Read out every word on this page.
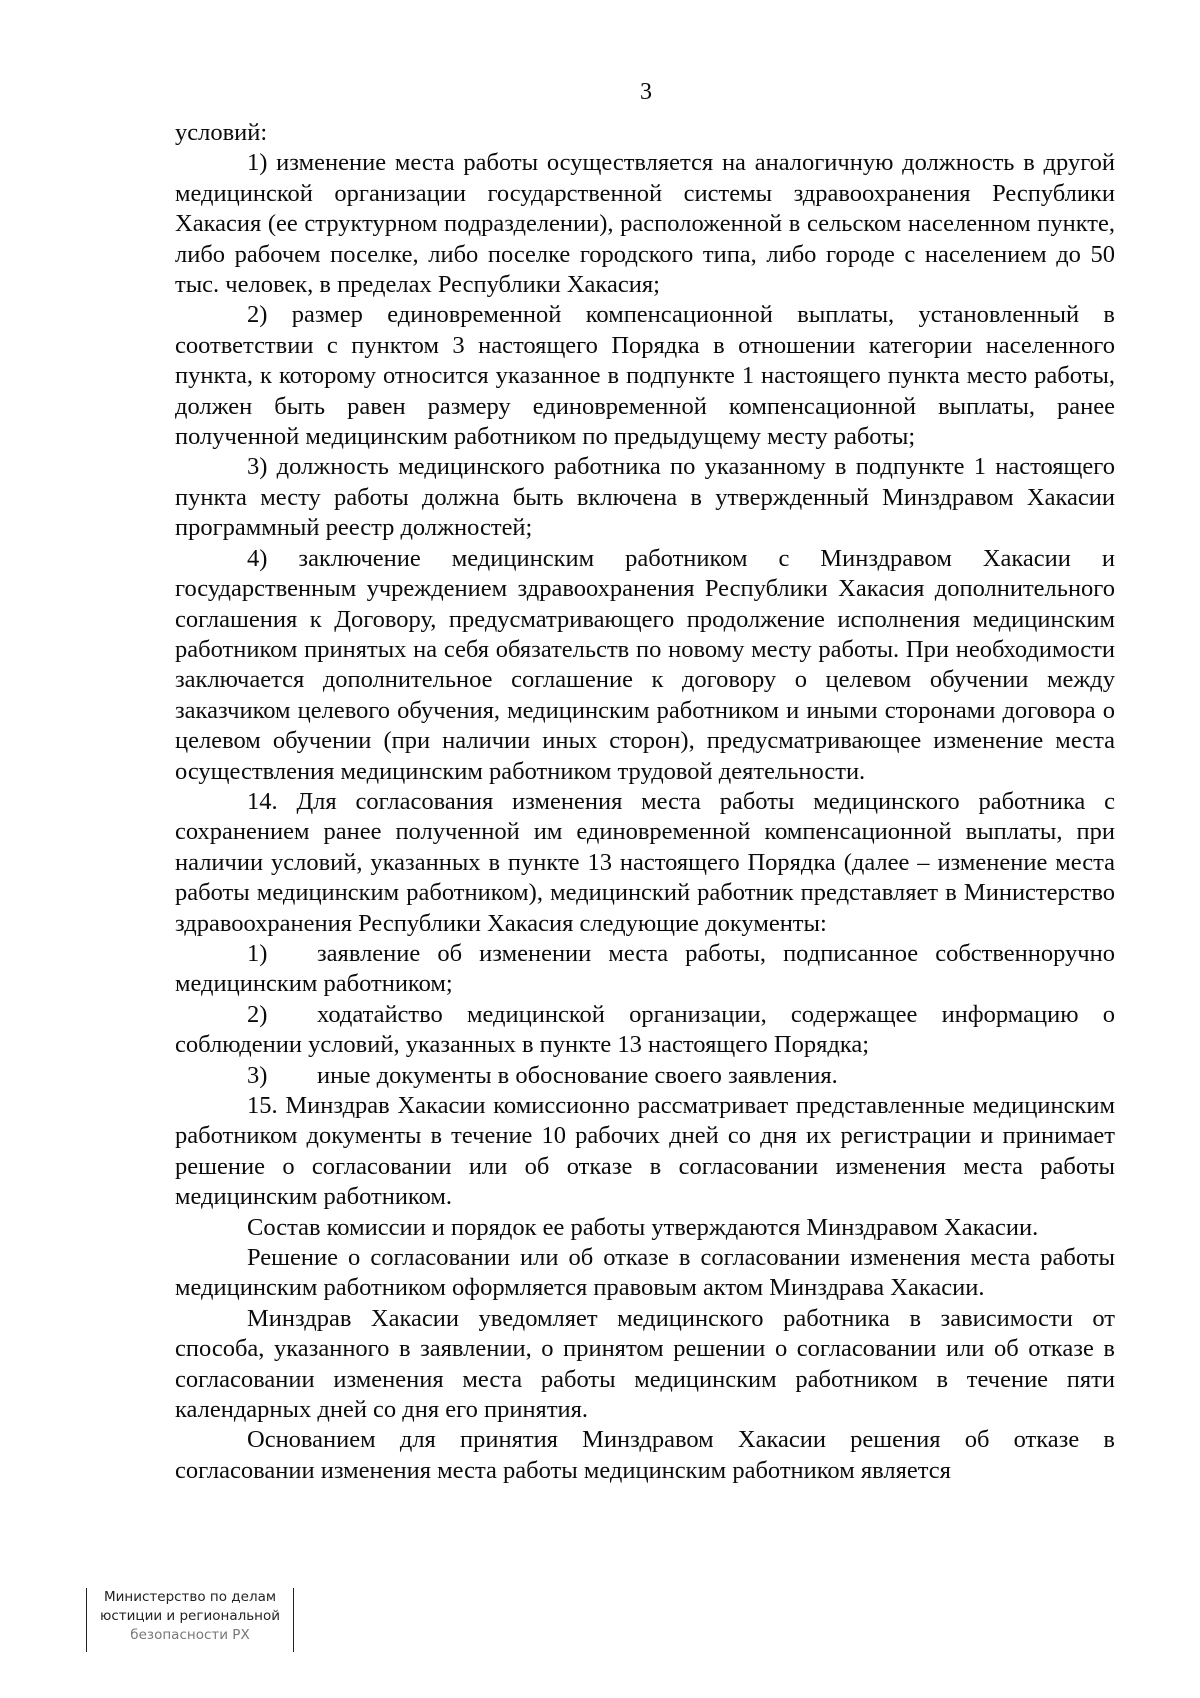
3

условий:

1) изменение места работы осуществляется на аналогичную должность в другой медицинской организации государственной системы здравоохранения Республики Хакасия (ее структурном подразделении), расположенной в сельском населенном пункте, либо рабочем поселке, либо поселке городского типа, либо городе с населением до 50 тыс. человек, в пределах Республики Хакасия;

2) размер единовременной компенсационной выплаты, установленный в соответствии с пунктом 3 настоящего Порядка в отношении категории населенного пункта, к которому относится указанное в подпункте 1 настоящего пункта место работы, должен быть равен размеру единовременной компенсационной выплаты, ранее полученной медицинским работником по предыдущему месту работы;

3) должность медицинского работника по указанному в подпункте 1 настоящего пункта месту работы должна быть включена в утвержденный Минздравом Хакасии программный реестр должностей;

4) заключение медицинским работником с Минздравом Хакасии и государственным учреждением здравоохранения Республики Хакасия дополнительного соглашения к Договору, предусматривающего продолжение исполнения медицинским работником принятых на себя обязательств по новому месту работы. При необходимости заключается дополнительное соглашение к договору о целевом обучении между заказчиком целевого обучения, медицинским работником и иными сторонами договора о целевом обучении (при наличии иных сторон), предусматривающее изменение места осуществления медицинским работником трудовой деятельности.

14. Для согласования изменения места работы медицинского работника с сохранением ранее полученной им единовременной компенсационной выплаты, при наличии условий, указанных в пункте 13 настоящего Порядка (далее – изменение места работы медицинским работником), медицинский работник представляет в Министерство здравоохранения Республики Хакасия следующие документы:

1) заявление об изменении места работы, подписанное собственноручно медицинским работником;

2) ходатайство медицинской организации, содержащее информацию о соблюдении условий, указанных в пункте 13 настоящего Порядка;

3) иные документы в обоснование своего заявления.

15. Минздрав Хакасии комиссионно рассматривает представленные медицинским работником документы в течение 10 рабочих дней со дня их регистрации и принимает решение о согласовании или об отказе в согласовании изменения места работы медицинским работником.

Состав комиссии и порядок ее работы утверждаются Минздравом Хакасии.

Решение о согласовании или об отказе в согласовании изменения места работы медицинским работником оформляется правовым актом Минздрава Хакасии.

Минздрав Хакасии уведомляет медицинского работника в зависимости от способа, указанного в заявлении, о принятом решении о согласовании или об отказе в согласовании изменения места работы медицинским работником в течение пяти календарных дней со дня его принятия.

Основанием для принятия Минздравом Хакасии решения об отказе в согласовании изменения места работы медицинским работником является

Министерство по делам
юстиции и региональной
безопасности РХ
